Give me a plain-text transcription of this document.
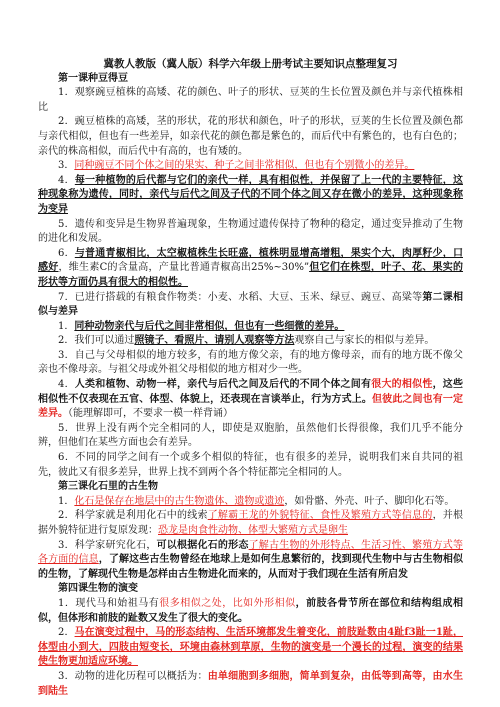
冀教人教版（冀人版）科学六年级上册考试主要知识点整理复习

第一课种豆得豆

1．观察豌豆植株的高矮、花的颜色、叶子的形状、豆荚的生长位置及颜色并与亲代植株相比

2．豌豆植株的高矮，茎的形状，花的形状和颜色，叶子的形状，豆荚的生长位置及颜色都与亲代相似，但也有一些差异，如亲代花的颜色都是紫色的，而后代中有紫色的，也有白色的；亲代的株高相似，而后代中有高的，也有矮的。

3．同种豌豆不同个体之间的果实、种子之间非常相似，但也有个别微小的差异。

4．每一种植物的后代都与它们的亲代一样，具有相似性，并保留了上一代的主要特征，这种现象称为遗传，同时，亲代与后代之间及子代的不同个体之间又存在微小的差异，这种现象称为变异

5．遗传和变异是生物界普遍现象，生物通过遗传保持了物种的稳定，通过变异推动了生物的进化和发展。

6．与普通青椒相比，太空椒植株生长旺盛，植株明显增高增粗，果实个大，肉厚籽少，口感好，维生素C的含量高，产量比普通青椒高出25%~30%”但它们在株型，叶子、花、果实的形状等方面仍具有很大的相似性。

7．已进行搭载的有粮食作物类：小麦、水稻、大豆、玉米、绿豆、豌豆、高粱等第二课相似与差异

1．同种动物亲代与后代之间非常相似，但也有一些细微的差异。

2．我们可以通过照镜子、看照片、请别人观察等方法观察自己与家长的相似与差异。

3．自己与父母相似的地方较多，有的地方像父亲，有的地方像母亲，而有的地方既不像父亲也不像母亲。与祖父母或外祖父母相似的地方相对少一些。

4．人类和植物、动物一样，亲代与后代之间及后代的不同个体之间有很大的相似性，这些相似性不仅表现在五官、体型、体貌上，还表现在言谈举止，行为方式上。但彼此之间也有一定差异。（能理解即可，不要求一模一样背诵）

5．世界上没有两个完全相同的人，即使是双胞胎，虽然他们长得很像，我们几乎不能分辨，但他们在某些方面也会有差异。

6．不同的同学之间有一个或多个相似的特征，也有很多的差异，说明我们来自共同的祖先，彼此又有很多差异，世界上找不到两个各个特征都完全相同的人。

第三课化石里的古生物

1．化石是保存在地层中的古生物遗体、遗物或遗迹，如骨骼、外壳、叶子、脚印化石等。

2．科学家就是利用化石中的线索了解霸王龙的外貌特征、食性及繁殖方式等信息的，并根据外貌特征进行复原发现：恐龙是肉食性动物、体型大繁殖方式是卵生

3．科学家研究化石，可以根据化石的形态了解古生物的外形特点、生活习性、繁殖方式等各方面的信息，了解这些古生物曾经在地球上是如何生息繁衍的，找到现代生物中与古生物相似的生物，了解现代生物是怎样由古生物进化而来的，从而对于我们现在生活有所启发

第四课生物的演变

1．现代马和始祖马有很多相似之处，比如外形相似，前肢各骨节所在部位和结构组成相似，但体形和前肢的趾数又发生了很大的变化。

2．马在演变过程中，马的形态结构、生活环境都发生着变化，前肢趾数由4趾f3趾一1趾，体型由小到大，四肢由短变长，环境由森林到草原，生物的演变是一个漫长的过程，演变的结果使生物更加适应环境。

3．动物的进化历程可以概括为：由单细胞到多细胞，简单到复杂，由低等到高等，由水生到陆生
